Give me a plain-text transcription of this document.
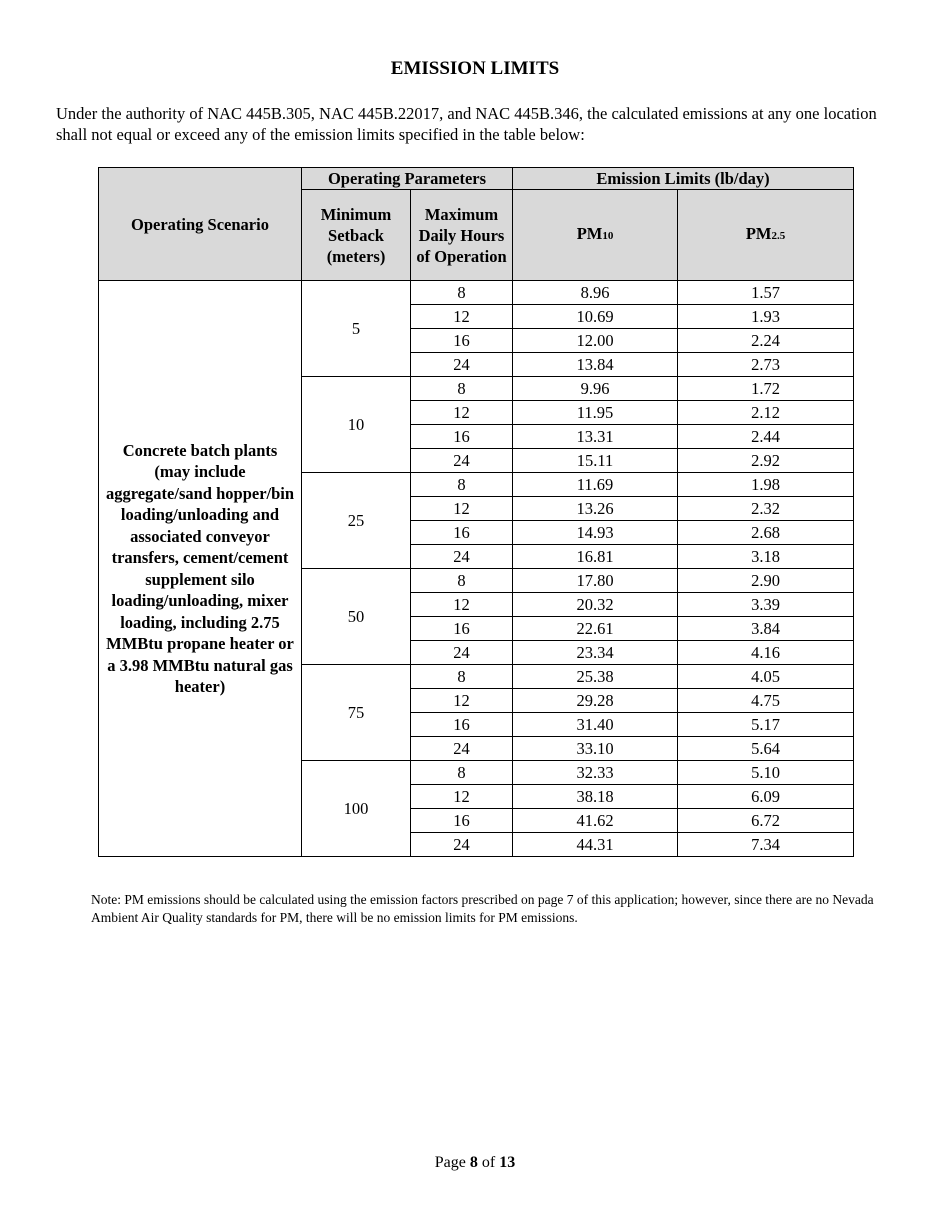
EMISSION LIMITS
Under the authority of NAC 445B.305, NAC 445B.22017, and NAC 445B.346, the calculated emissions at any one location shall not equal or exceed any of the emission limits specified in the table below:
Operating Scenario	Operating Parameters		Emission Limits (lb/day)	
	Minimum Setback (meters)	Maximum Daily Hours of Operation	PM10	PM2.5
Concrete batch plants (may include aggregate/sand hopper/bin loading/unloading and associated conveyor transfers, cement/cement supplement silo loading/unloading, mixer loading, including 2.75 MMBtu propane heater or a 3.98 MMBtu natural gas heater)	5	8	8.96	1.57
		12	10.69	1.93
		16	12.00	2.24
		24	13.84	2.73
	10	8	9.96	1.72
		12	11.95	2.12
		16	13.31	2.44
		24	15.11	2.92
	25	8	11.69	1.98
		12	13.26	2.32
		16	14.93	2.68
		24	16.81	3.18
	50	8	17.80	2.90
		12	20.32	3.39
		16	22.61	3.84
		24	23.34	4.16
	75	8	25.38	4.05
		12	29.28	4.75
		16	31.40	5.17
		24	33.10	5.64
	100	8	32.33	5.10
		12	38.18	6.09
		16	41.62	6.72
		24	44.31	7.34
Note: PM emissions should be calculated using the emission factors prescribed on page 7 of this application; however, since there are no Nevada Ambient Air Quality standards for PM, there will be no emission limits for PM emissions.
Page 8 of 13
